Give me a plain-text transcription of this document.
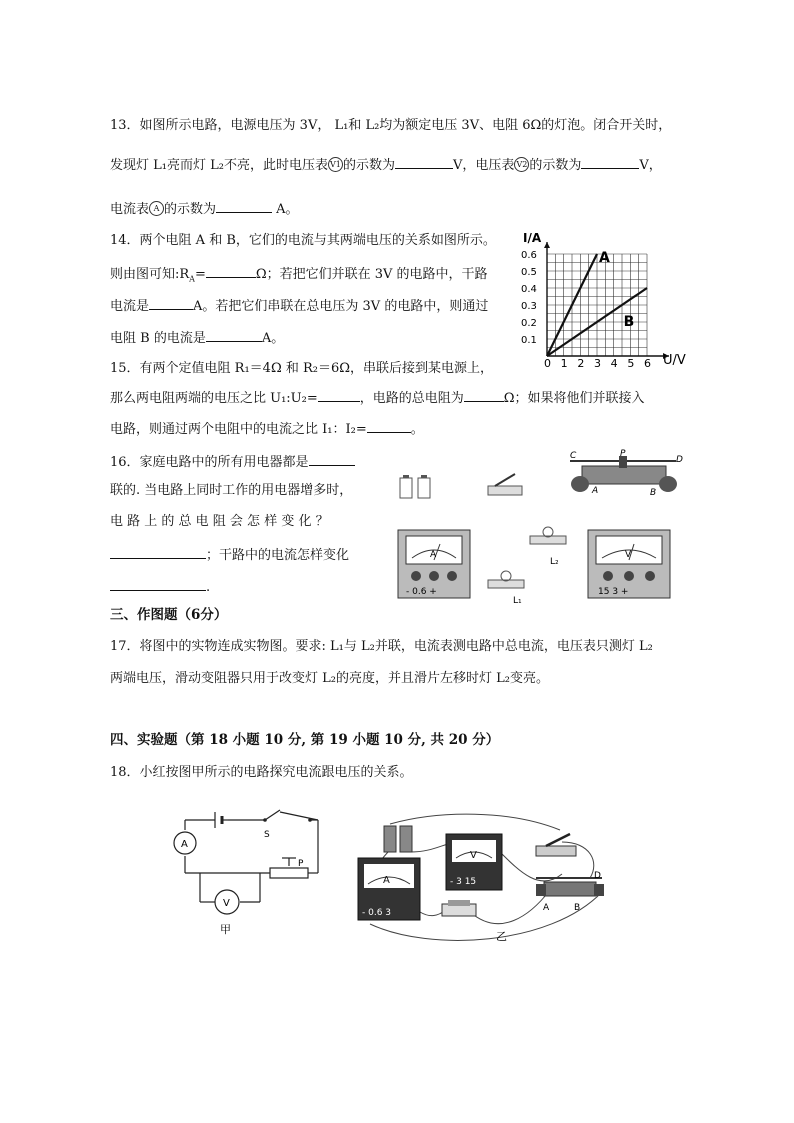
13．如图所示电路，电源电压为 3V， L₁和 L₂均为额定电压 3V、电阻 6Ω的灯泡。闭合开关时，
发现灯 L₁亮而灯 L₂不亮，此时电压表 V1 的示数为	V，电压表 V2 的示数为	V，
电流表 A 的示数为	A。
14．两个电阻 A 和 B，它们的电流与其两端电压的关系如图所示。
则由图可知$:R_A=$	Ω；若把它们并联在 3V 的电路中，干路
电流是	A。若把它们串联在总电压为 3V 的电路中，则通过
电阻 B 的电流是	A。
0 1 2 3 4 5 6
0.1
0.2
0.3
0.4
0.5
0.6
I/A
U/V
A
B
15．有两个定值电阻 R₁＝4Ω 和 R₂＝6Ω，串联后接到某电源上，
那么两电阻两端的电压之比 U₁:U₂=	，电路的总电阻为	Ω；如果将他们并联接入
电路，则通过两个电阻中的电流之比 I₁：I₂=	。
16．家庭电路中的所有用电器都是
联的. 当电路上同时工作的用电器增多时，
电 路 上 的 总 电 阻 会 怎 样 变 化 ？
；干路中的电流怎样变化
.
C	P
D
A	B
A
- 0.6 +
L₂
L₁
V
15 3 +
三、作图题（6分）
17．将图中的实物连成实物图。要求: L₁与 L₂并联，电流表测电路中总电流，电压表只测灯 L₂
两端电压，滑动变阻器只用于改变灯 L₂的亮度，并且滑片左移时灯 L₂变亮。
四、实验题（第 18 小题 10 分, 第 19 小题 10 分, 共 20 分）
18．小红按图甲所示的电路探究电流跟电压的关系。
S
A
V
P
甲
A
- 0.6 3
V
- 3 15
A	B
D
乙
